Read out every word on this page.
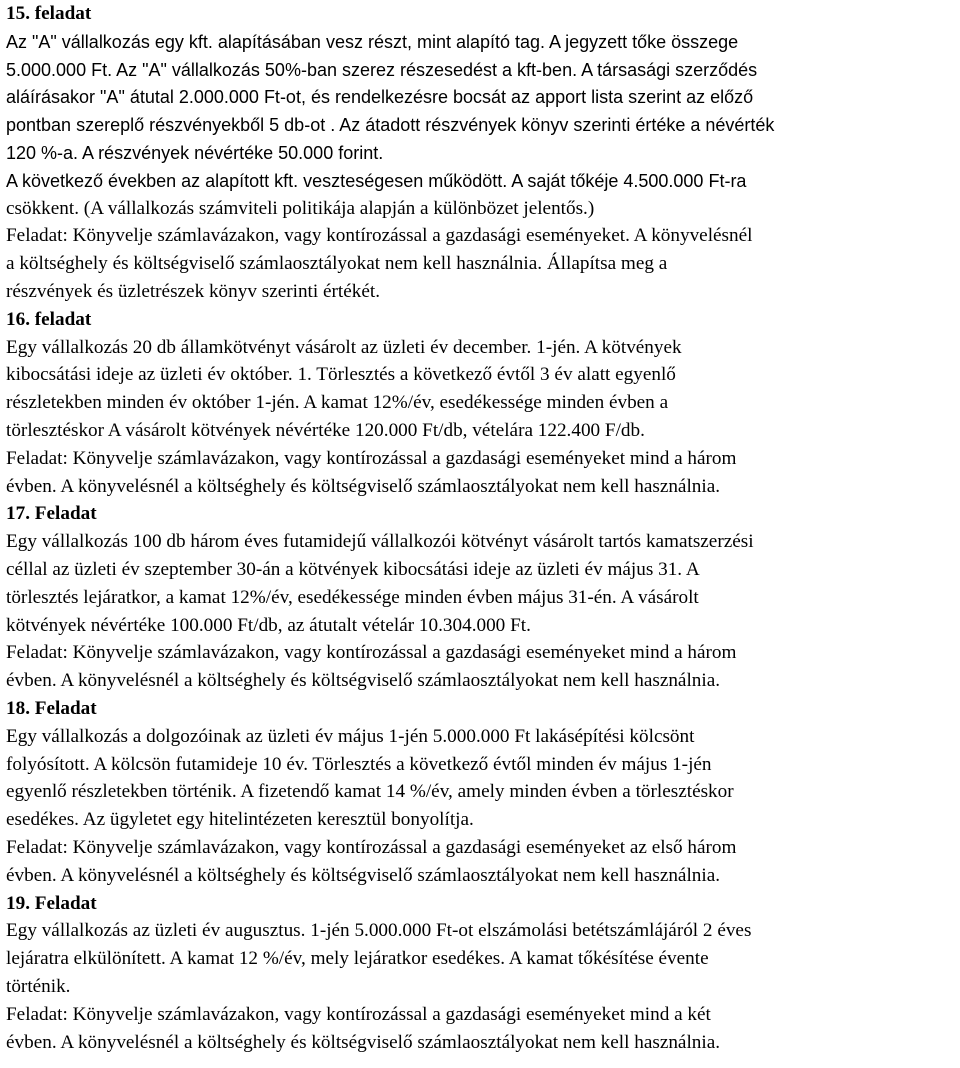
15. feladat
Az "A" vállalkozás egy kft. alapításában vesz részt, mint alapító tag. A jegyzett tőke összege
5.000.000 Ft. Az "A" vállalkozás 50%-ban szerez részesedést a kft-ben. A társasági szerződés
aláírásakor "A" átutal 2.000.000 Ft-ot, és rendelkezésre bocsát az apport lista szerint az előző
pontban szereplő részvényekből 5 db-ot . Az átadott részvények könyv szerinti értéke a névérték
120 %-a. A részvények névértéke 50.000 forint.
A következő években az alapított kft. veszteségesen működött. A saját tőkéje 4.500.000 Ft-ra
csökkent. (A vállalkozás számviteli politikája alapján a különbözet jelentős.)
Feladat: Könyvelje számlavázakon, vagy kontírozással a gazdasági eseményeket. A könyvelésnél
a költséghely és költségviselő számlaosztályokat nem kell használnia. Állapítsa meg a
részvények és üzletrészek könyv szerinti értékét.
16. feladat
Egy vállalkozás 20 db államkötvényt vásárolt az üzleti év december. 1-jén. A kötvények
kibocsátási ideje az üzleti év október. 1. Törlesztés a következő évtől 3 év alatt egyenlő
részletekben minden év október 1-jén. A kamat 12%/év, esedékessége minden évben a
törlesztéskor A vásárolt kötvények névértéke 120.000 Ft/db, vételára 122.400 F/db.
Feladat: Könyvelje számlavázakon, vagy kontírozással a gazdasági eseményeket mind a három
évben. A könyvelésnél a költséghely és költségviselő számlaosztályokat nem kell használnia.
17. Feladat
Egy vállalkozás 100 db három éves futamidejű vállalkozói kötvényt vásárolt tartós kamatszerzési
céllal az üzleti év szeptember 30-án a kötvények kibocsátási ideje az üzleti év május 31. A
törlesztés lejáratkor, a kamat 12%/év, esedékessége minden évben május 31-én. A vásárolt
kötvények névértéke 100.000 Ft/db, az átutalt vételár 10.304.000 Ft.
Feladat: Könyvelje számlavázakon, vagy kontírozással a gazdasági eseményeket mind a három
évben. A könyvelésnél a költséghely és költségviselő számlaosztályokat nem kell használnia.
18. Feladat
Egy vállalkozás a dolgozóinak az üzleti év május 1-jén 5.000.000 Ft lakásépítési kölcsönt
folyósított. A kölcsön futamideje 10 év. Törlesztés a következő évtől minden év május 1-jén
egyenlő részletekben történik. A fizetendő kamat 14 %/év, amely minden évben a törlesztéskor
esedékes. Az ügyletet egy hitelintézeten keresztül bonyolítja.
Feladat: Könyvelje számlavázakon, vagy kontírozással a gazdasági eseményeket az első három
évben. A könyvelésnél a költséghely és költségviselő számlaosztályokat nem kell használnia.
19. Feladat
Egy vállalkozás az üzleti év augusztus. 1-jén 5.000.000 Ft-ot elszámolási betétszámlájáról 2 éves
lejáratra elkülönített. A kamat 12 %/év, mely lejáratkor esedékes. A kamat tőkésítése évente
történik.
Feladat: Könyvelje számlavázakon, vagy kontírozással a gazdasági eseményeket mind a két
évben. A könyvelésnél a költséghely és költségviselő számlaosztályokat nem kell használnia.
